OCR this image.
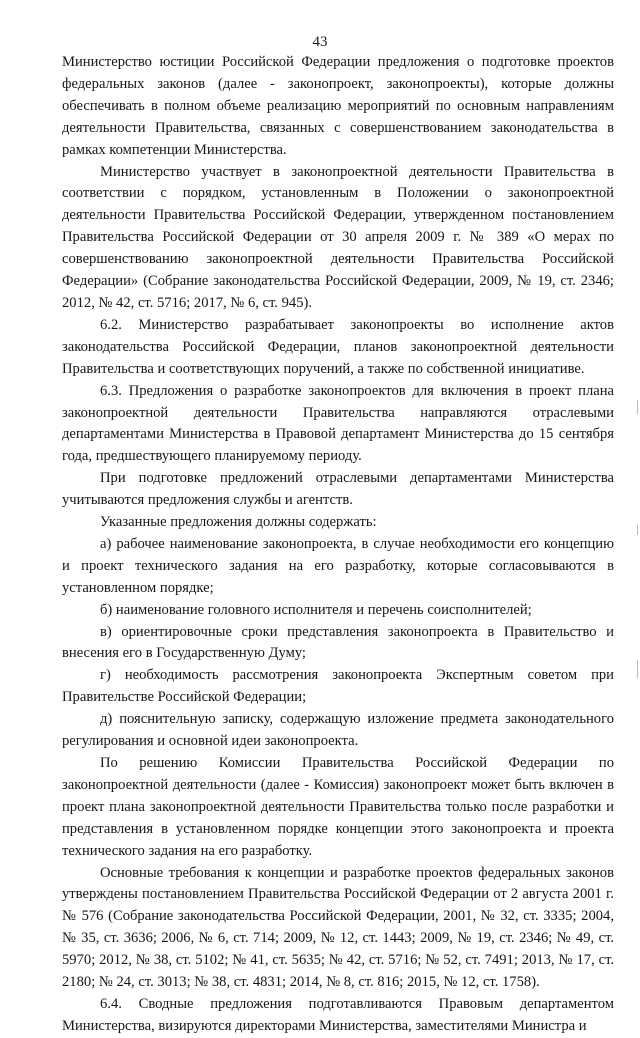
43

Министерство юстиции Российской Федерации предложения о подготовке проектов федеральных законов (далее - законопроект, законопроекты), которые должны обеспечивать в полном объеме реализацию мероприятий по основным направлениям деятельности Правительства, связанных с совершенствованием законодательства в рамках компетенции Министерства.

Министерство участвует в законопроектной деятельности Правительства в соответствии с порядком, установленным в Положении о законопроектной деятельности Правительства Российской Федерации, утвержденном постановлением Правительства Российской Федерации от 30 апреля 2009 г. № 389 «О мерах по совершенствованию законопроектной деятельности Правительства Российской Федерации» (Собрание законодательства Российской Федерации, 2009, № 19, ст. 2346; 2012, № 42, ст. 5716; 2017, № 6, ст. 945).

6.2. Министерство разрабатывает законопроекты во исполнение актов законодательства Российской Федерации, планов законопроектной деятельности Правительства и соответствующих поручений, а также по собственной инициативе.

6.3. Предложения о разработке законопроектов для включения в проект плана законопроектной деятельности Правительства направляются отраслевыми департаментами Министерства в Правовой департамент Министерства до 15 сентября года, предшествующего планируемому периоду.

При подготовке предложений отраслевыми департаментами Министерства учитываются предложения службы и агентств.

Указанные предложения должны содержать:

а) рабочее наименование законопроекта, в случае необходимости его концепцию и проект технического задания на его разработку, которые согласовываются в установленном порядке;

б) наименование головного исполнителя и перечень соисполнителей;

в) ориентировочные сроки представления законопроекта в Правительство и внесения его в Государственную Думу;

г) необходимость рассмотрения законопроекта Экспертным советом при Правительстве Российской Федерации;

д) пояснительную записку, содержащую изложение предмета законодательного регулирования и основной идеи законопроекта.

По решению Комиссии Правительства Российской Федерации по законопроектной деятельности (далее - Комиссия) законопроект может быть включен в проект плана законопроектной деятельности Правительства только после разработки и представления в установленном порядке концепции этого законопроекта и проекта технического задания на его разработку.

Основные требования к концепции и разработке проектов федеральных законов утверждены постановлением Правительства Российской Федерации от 2 августа 2001 г. № 576 (Собрание законодательства Российской Федерации, 2001, № 32, ст. 3335; 2004, № 35, ст. 3636; 2006, № 6, ст. 714; 2009, № 12, ст. 1443; 2009, № 19, ст. 2346; № 49, ст. 5970; 2012, № 38, ст. 5102; № 41, ст. 5635; № 42, ст. 5716; № 52, ст. 7491; 2013, № 17, ст. 2180; № 24, ст. 3013; № 38, ст. 4831; 2014, № 8, ст. 816; 2015, № 12, ст. 1758).

6.4. Сводные предложения подготавливаются Правовым департаментом Министерства, визируются директорами Министерства, заместителями Министра и
